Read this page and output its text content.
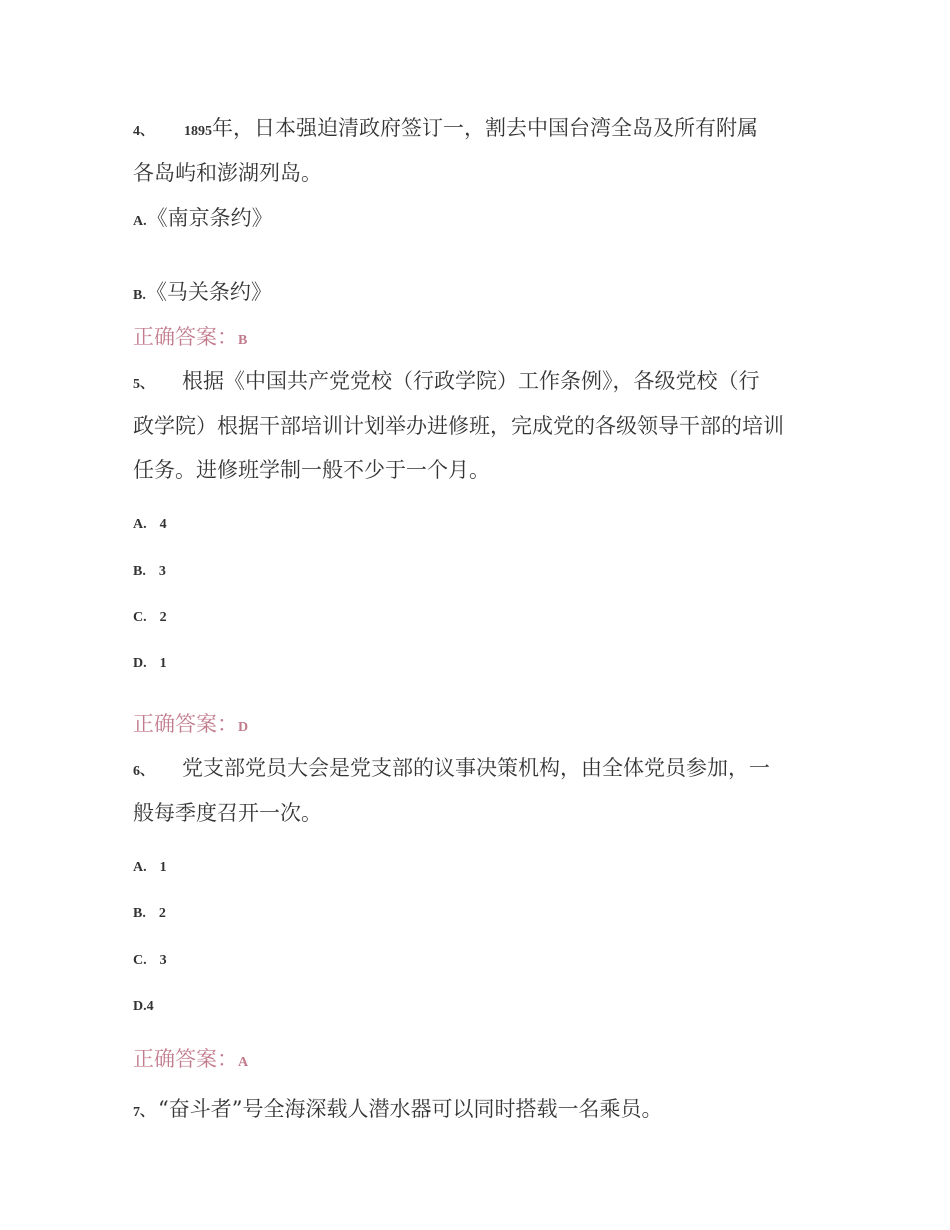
4、 1895年，日本强迫清政府签订一，割去中国台湾全岛及所有附属
各岛屿和澎湖列岛。
A.《南京条约》
B.《马关条约》
正确答案：B
5、 根据《中国共产党党校（行政学院）工作条例》，各级党校（行
政学院）根据干部培训计划举办进修班，完成党的各级领导干部的培训
任务。进修班学制一般不少于一个月。
A. 4
B. 3
C. 2
D. 1
正确答案：D
6、 党支部党员大会是党支部的议事决策机构，由全体党员参加，一
般每季度召开一次。
A. 1
B. 2
C. 3
D.4
正确答案：A
7、 “奋斗者”号全海深载人潜水器可以同时搭载一名乘员。
